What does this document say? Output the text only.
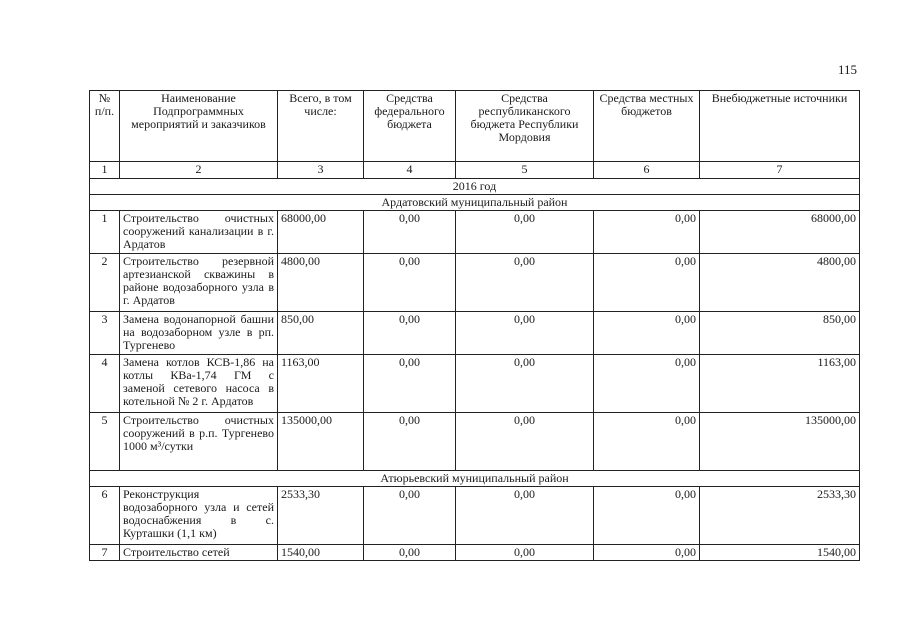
115
№ п/п.	Наименование Подпрограммных мероприятий и заказчиков	Всего, в том числе:	Средства федерального бюджета	Средства республиканского бюджета Республики Мордовия	Средства местных бюджетов	Внебюджетные источники
1	2	3	4	5	6	7
2016 год						
Ардатовский муниципальный район						
1	Строительство очистных сооружений канализации в г. Ардатов	68000,00	0,00	0,00	0,00	68000,00
2	Строительство резервной артезианской скважины в районе водозаборного узла в г. Ардатов	4800,00	0,00	0,00	0,00	4800,00
3	Замена водонапорной башни на водозаборном узле в рп. Тургенево	850,00	0,00	0,00	0,00	850,00
4	Замена котлов КСВ-1,86 на котлы КВа-1,74 ГМ с заменой сетевого насоса в котельной № 2 г. Ардатов	1163,00	0,00	0,00	0,00	1163,00
5	Строительство очистных сооружений в р.п. Тургенево 1000 м³/сутки	135000,00	0,00	0,00	0,00	135000,00
Атюрьевский муниципальный район						
6	Реконструкция водозаборного узла и сетей водоснабжения в с. Курташки (1,1 км)	2533,30	0,00	0,00	0,00	2533,30
7	Строительство сетей	1540,00	0,00	0,00	0,00	1540,00
